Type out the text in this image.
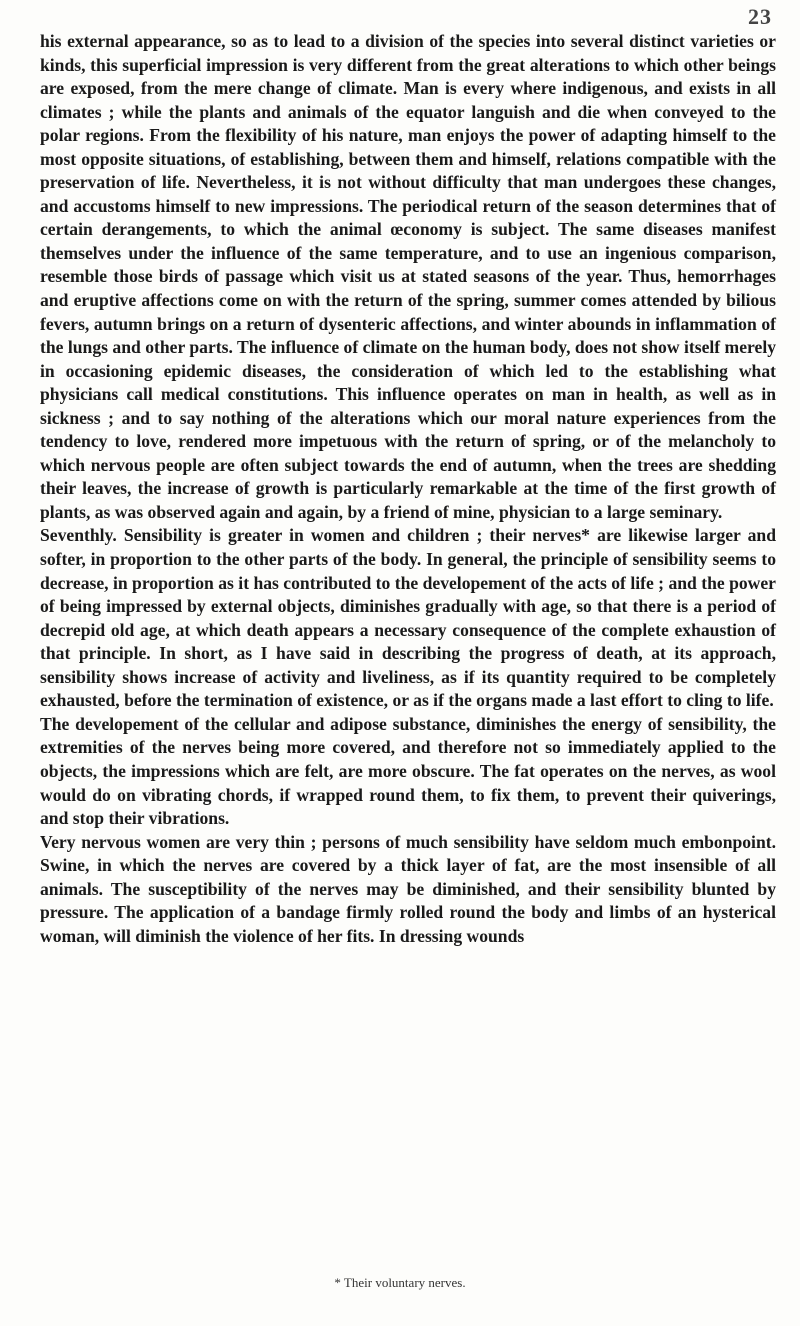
23

his external appearance, so as to lead to a division of the species into several distinct varieties or kinds, this superficial impression is very different from the great alterations to which other beings are exposed, from the mere change of climate. Man is every where indigenous, and exists in all climates ; while the plants and animals of the equator languish and die when conveyed to the polar regions. From the flexibility of his nature, man enjoys the power of adapting himself to the most opposite situations, of establishing, between them and himself, relations compatible with the preservation of life. Nevertheless, it is not without difficulty that man undergoes these changes, and accustoms himself to new impressions. The periodical return of the season determines that of certain derangements, to which the animal œconomy is subject. The same diseases manifest themselves under the influence of the same temperature, and to use an ingenious comparison, resemble those birds of passage which visit us at stated seasons of the year. Thus, hemorrhages and eruptive affections come on with the return of the spring, summer comes attended by bilious fevers, autumn brings on a return of dysenteric affections, and winter abounds in inflammation of the lungs and other parts. The influence of climate on the human body, does not show itself merely in occasioning epidemic diseases, the consideration of which led to the establishing what physicians call medical constitutions. This influence operates on man in health, as well as in sickness ; and to say nothing of the alterations which our moral nature experiences from the tendency to love, rendered more impetuous with the return of spring, or of the melancholy to which nervous people are often subject towards the end of autumn, when the trees are shedding their leaves, the increase of growth is particularly remarkable at the time of the first growth of plants, as was observed again and again, by a friend of mine, physician to a large seminary.

Seventhly. Sensibility is greater in women and children ; their nerves* are likewise larger and softer, in proportion to the other parts of the body. In general, the principle of sensibility seems to decrease, in proportion as it has contributed to the developement of the acts of life ; and the power of being impressed by external objects, diminishes gradually with age, so that there is a period of decrepid old age, at which death appears a necessary consequence of the complete exhaustion of that principle. In short, as I have said in describing the progress of death, at its approach, sensibility shows increase of activity and liveliness, as if its quantity required to be completely exhausted, before the termination of existence, or as if the organs made a last effort to cling to life.

The developement of the cellular and adipose substance, diminishes the energy of sensibility, the extremities of the nerves being more covered, and therefore not so immediately applied to the objects, the impressions which are felt, are more obscure. The fat operates on the nerves, as wool would do on vibrating chords, if wrapped round them, to fix them, to prevent their quiverings, and stop their vibrations.

Very nervous women are very thin ; persons of much sensibility have seldom much embonpoint. Swine, in which the nerves are covered by a thick layer of fat, are the most insensible of all animals. The susceptibility of the nerves may be diminished, and their sensibility blunted by pressure. The application of a bandage firmly rolled round the body and limbs of an hysterical woman, will diminish the violence of her fits. In dressing wounds

* Their voluntary nerves.
